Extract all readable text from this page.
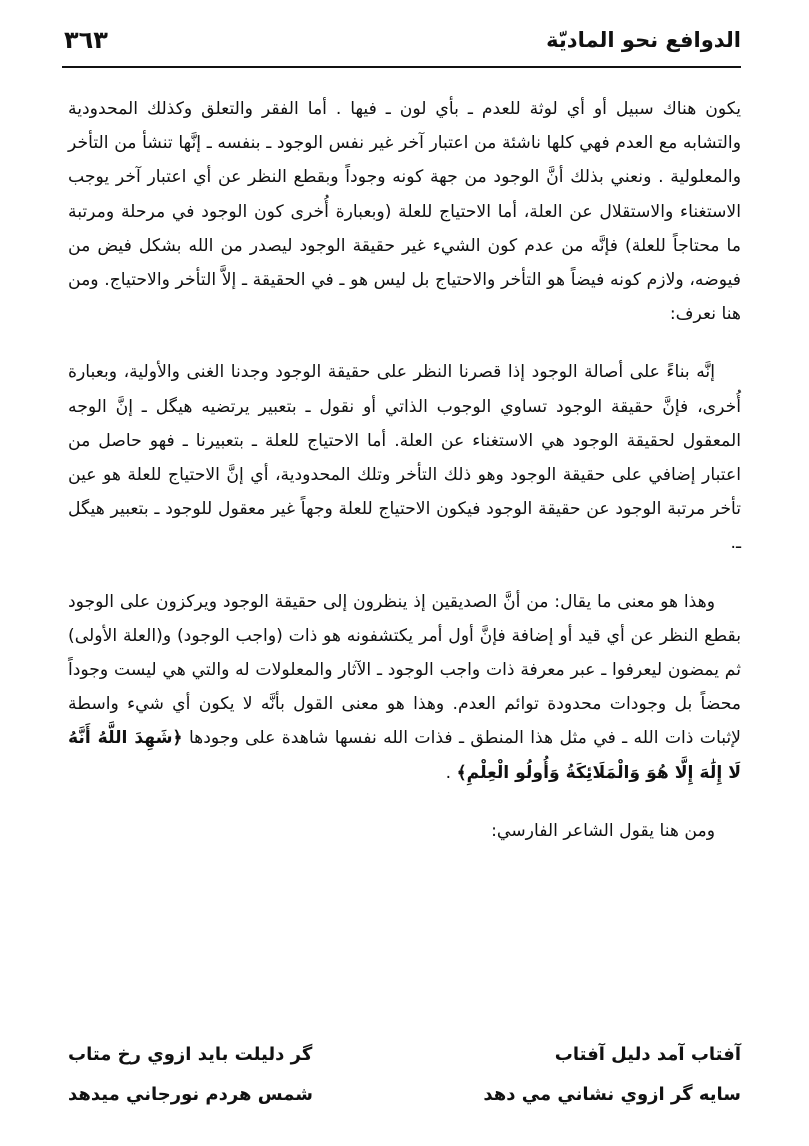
الدوافع نحو الماديّة
٣٦٣

يكون هناك سبيل أو أي لوثة للعدم ـ بأي لون ـ فيها . أما الفقر والتعلق وكذلك المحدودية والتشابه مع العدم فهي كلها ناشئة من اعتبار آخر غير نفس الوجود ـ بنفسه ـ إنَّها تنشأ من التأخر والمعلولية . ونعني بذلك أنَّ الوجود من جهة كونه وجوداً وبقطع النظر عن أي اعتبار آخر يوجب الاستغناء والاستقلال عن العلة، أما الاحتياج للعلة (وبعبارة أُخرى كون الوجود في مرحلة ومرتبة ما محتاجاً للعلة) فإنَّه من عدم كون الشيء غير حقيقة الوجود ليصدر من الله بشكل فيض من فيوضه، ولازم كونه فيضاً هو التأخر والاحتياج بل ليس هو ـ في الحقيقة ـ إلاَّ التأخر والاحتياج. ومن هنا نعرف:

إنَّه بناءً على أصالة الوجود إذا قصرنا النظر على حقيقة الوجود وجدنا الغنى والأولية، وبعبارة أُخرى، فإنَّ حقيقة الوجود تساوي الوجوب الذاتي أو نقول ـ بتعبير يرتضيه هيگل ـ إنَّ الوجه المعقول لحقيقة الوجود هي الاستغناء عن العلة. أما الاحتياج للعلة ـ بتعبيرنا ـ فهو حاصل من اعتبار إضافي على حقيقة الوجود وهو ذلك التأخر وتلك المحدودية، أي إنَّ الاحتياج للعلة هو عين تأخر مرتبة الوجود عن حقيقة الوجود فيكون الاحتياج للعلة وجهاً غير معقول للوجود ـ بتعبير هيگل ـ.

وهذا هو معنى ما يقال: من أنَّ الصديقين إذ ينظرون إلى حقيقة الوجود ويركزون على الوجود بقطع النظر عن أي قيد أو إضافة فإنَّ أول أمر يكتشفونه هو ذات (واجب الوجود) و(العلة الأولى) ثم يمضون ليعرفوا ـ عبر معرفة ذات واجب الوجود ـ الآثار والمعلولات له والتي هي ليست وجوداً محضاً بل وجودات محدودة توائم العدم. وهذا هو معنى القول بأنَّه لا يكون أي شيء واسطة لإثبات ذات الله ـ في مثل هذا المنطق ـ فذات الله نفسها شاهدة على وجودها ﴿شَهِدَ اللَّهُ أَنَّهُ لَا إِلَٰهَ إِلَّا هُوَ وَالْمَلَائِكَةُ وَأُولُو الْعِلْمِ﴾ .

ومن هنا يقول الشاعر الفارسي:

آفتاب آمد دليل آفتاب
گر دليلت بايد ازوي رخ متاب
سايه گر ازوي نشاني مي دهد
شمس هردم نورجاني ميدهد
